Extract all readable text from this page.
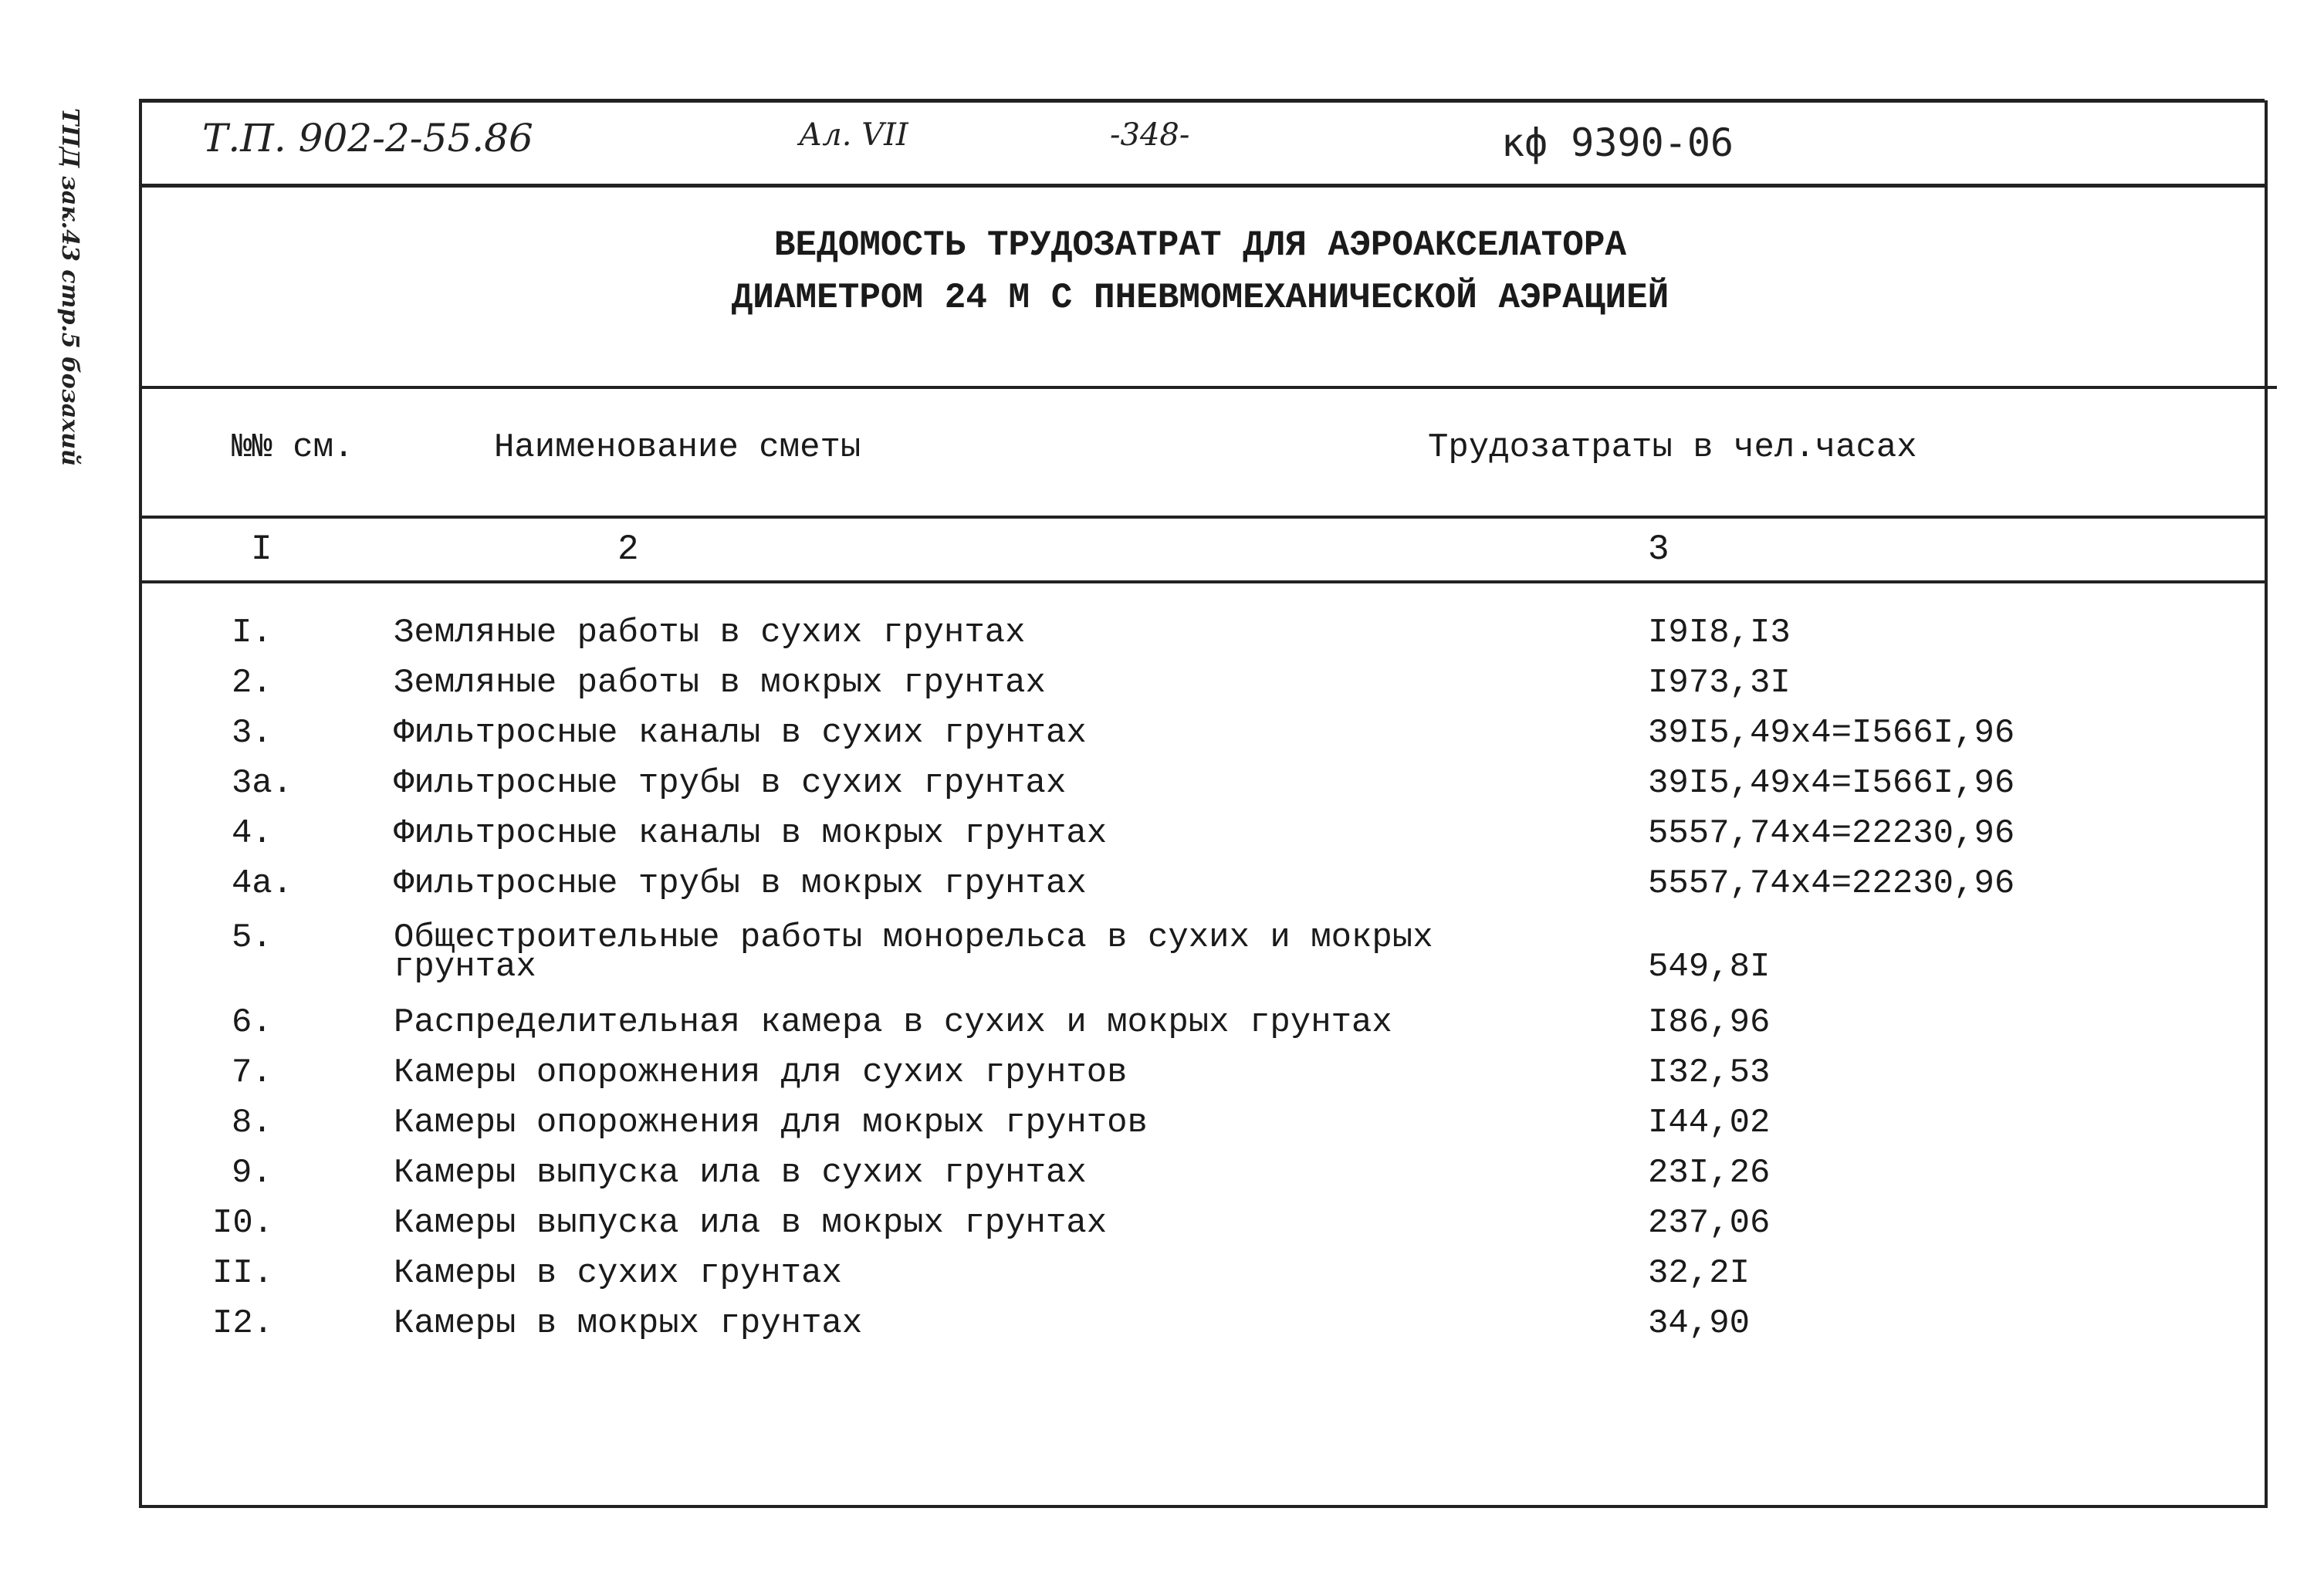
ТПД зак.43 стр.5 бозахий	Т.П. 902-2-55.86	Ал. VII	-348-	кф 9390-06
ВЕДОМОСТЬ ТРУДОЗАТРАТ ДЛЯ АЭРОАКСЕЛАТОРА
ДИАМЕТРОМ 24 М С ПНЕВМОМЕХАНИЧЕСКОЙ АЭРАЦИЕЙ
№№ см.	Наименование сметы	Трудозатраты в чел.часах
I	2	3
I.	Земляные работы в сухих грунтах	I9I8,I3
2.	Земляные работы в мокрых грунтах	I973,3I
3.	Фильтросные каналы в сухих грунтах	39I5,49х4=I566I,96
3а.	Фильтросные трубы в сухих грунтах	39I5,49х4=I566I,96
4.	Фильтросные каналы в мокрых грунтах	5557,74х4=22230,96
4а.	Фильтросные трубы в мокрых грунтах	5557,74х4=22230,96
5.	Общестроительные работы монорельса в сухих и мокрых
грунтах	549,8I
6.	Распределительная камера в сухих и мокрых грунтах	I86,96
7.	Камеры опорожнения для сухих грунтов	I32,53
8.	Камеры опорожнения для мокрых грунтов	I44,02
9.	Камеры выпуска ила в сухих грунтах	23I,26
I0.	Камеры выпуска ила в мокрых грунтах	237,06
II.	Камеры в сухих грунтах	32,2I
I2.	Камеры в мокрых грунтах	34,90
